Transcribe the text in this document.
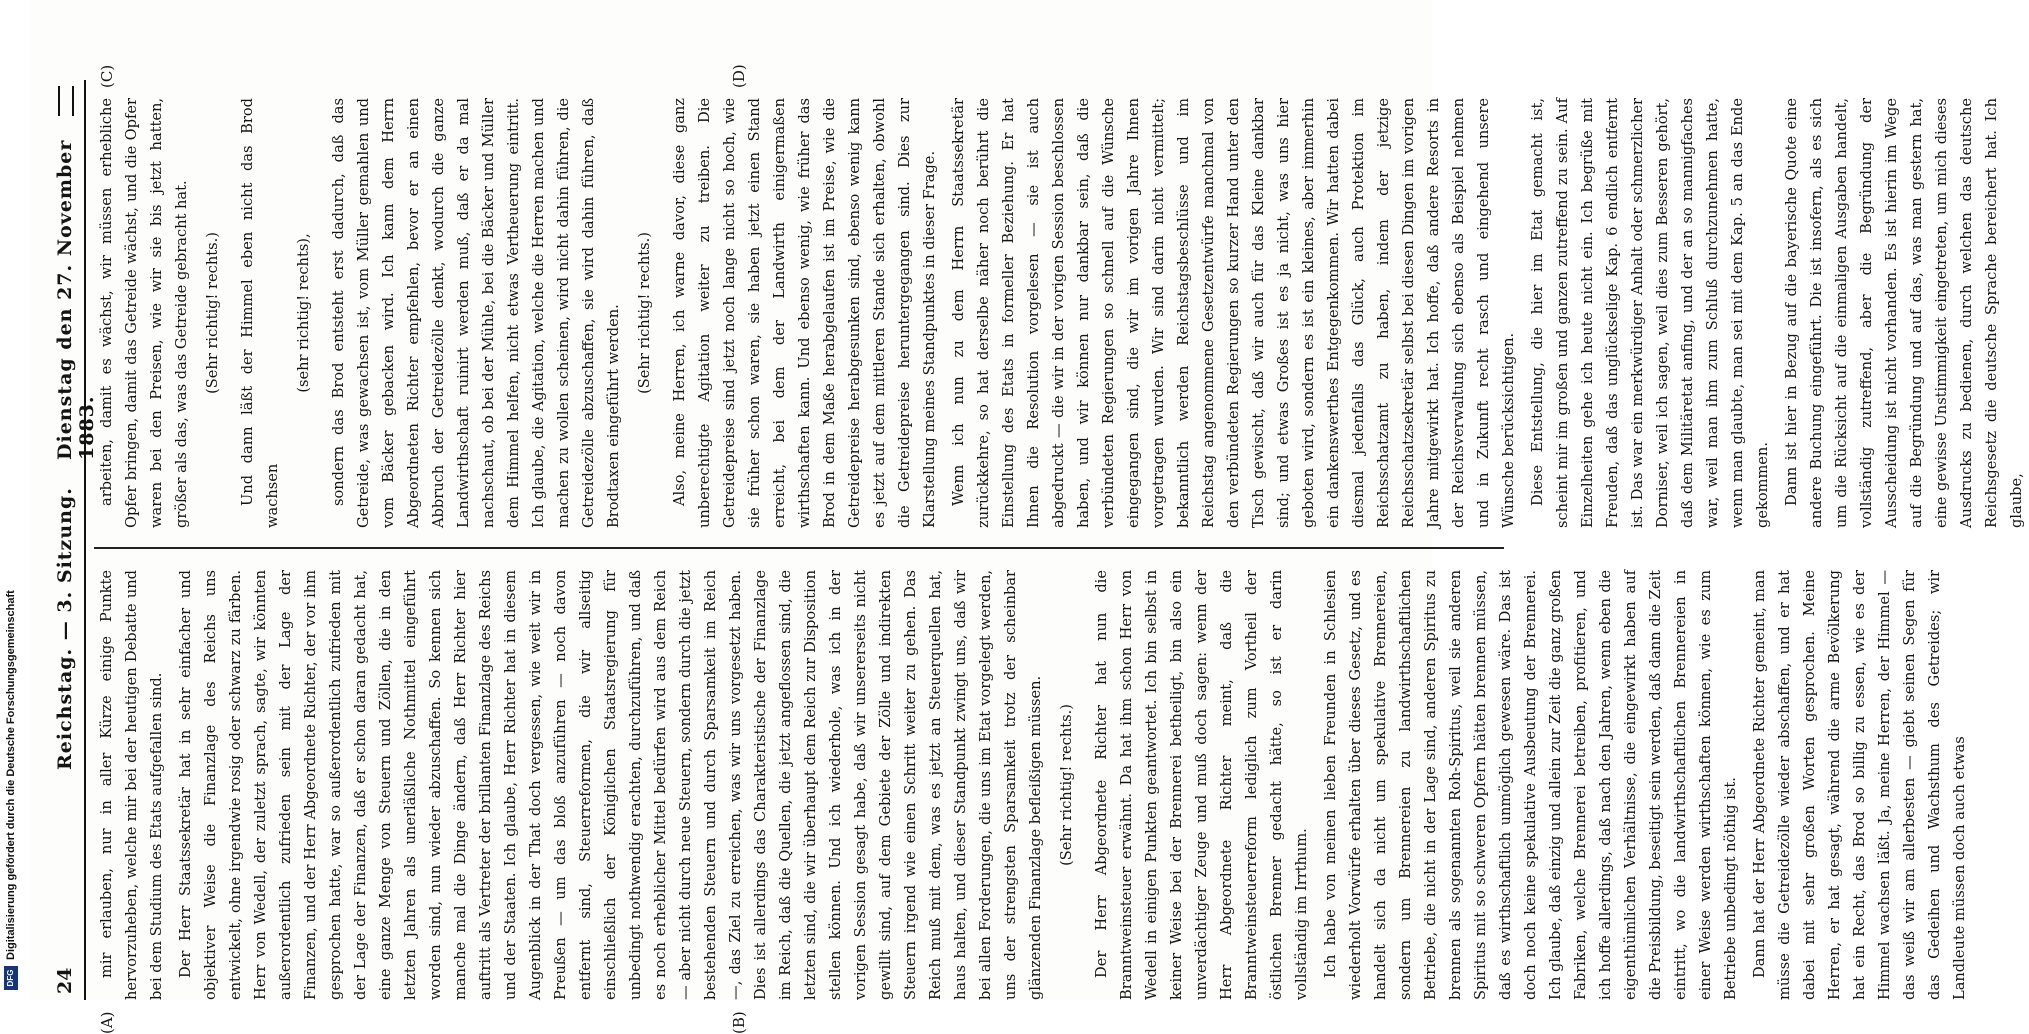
24
Reichstag. — 3. Sitzung.
Dienstag den 27. November 1883.
(A)	(B)
(C)	(D)

mir erlauben, nur in aller Kürze einige Punkte hervorzuheben, welche mir bei der heutigen Debatte und bei dem Studium des Etats aufgefallen sind. Der Herr Staatssekretär hat in sehr einfacher und objektiver Weise die Finanzlage des Reichs uns entwickelt, ohne irgendwie rosig oder schwarz zu färben. Herr von Wedell, der zuletzt sprach, sagte, wir könnten außerordentlich zufrieden sein mit der Lage der Finanzen, und der Herr Abgeordnete Richter, der vor ihm gesprochen hatte, war so außerordentlich zufrieden mit der Lage der Finanzen, daß er schon daran gedacht hat, eine ganze Menge von Steuern und Zöllen, die in den letzten Jahren als unerläßliche Nothmittel eingeführt worden sind, nun wieder abzuschaffen. So kennen sich manche mal die Dinge ändern, daß Herr Richter hier auftritt als Vertreter der brillanten Finanzlage des Reichs und der Staaten. Ich glaube, Herr Richter hat in diesem Augenblick in der That doch vergessen, wie weit wir in Preußen — um das bloß anzuführen — noch davon entfernt sind, Steuerreformen, die wir allseitig einschließlich der Königlichen Staatsregierung für unbedingt nothwendig erachten, durchzuführen, und daß es noch erheblicher Mittel bedürfen wird aus dem Reich — aber nicht durch neue Steuern, sondern durch die jetzt bestehenden Steuern und durch Sparsamkeit im Reich —, das Ziel zu erreichen, was wir uns vorgesetzt haben. Dies ist allerdings das Charakteristische der Finanzlage im Reich, daß die Quellen, die jetzt angeflossen sind, die letzten sind, die wir überhaupt dem Reich zur Disposition stellen können. Und ich wiederhole, was ich in der vorigen Session gesagt habe, daß wir unsererseits nicht gewillt sind, auf dem Gebiete der Zölle und indirekten Steuern irgend wie einen Schritt weiter zu gehen. Das Reich muß mit dem, was es jetzt an Steuerquellen hat, haus halten, und dieser Standpunkt zwingt uns, daß wir bei allen Forderungen, die uns im Etat vorgelegt werden, uns der strengsten Sparsamkeit trotz der scheinbar glänzenden Finanzlage befleißigen müssen. (Sehr richtig! rechts.) Der Herr Abgeordnete Richter hat nun die Branntweinsteuer erwähnt. Da hat ihm schon Herr von Wedell in einigen Punkten geantwortet. Ich bin selbst in keiner Weise bei der Brennerei betheiligt, bin also ein unverdächtiger Zeuge und muß doch sagen: wenn der Herr Abgeordnete Richter meint, daß die Branntweinsteuerreform lediglich zum Vortheil der östlichen Brenner gedacht hätte, so ist er darin vollständig im Irrthum. Ich habe von meinen lieben Freunden in Schlesien wiederholt Vorwürfe erhalten über dieses Gesetz, und es handelt sich da nicht um spekulative Brennereien, sondern um Brennereien zu landwirthschaftlichen Betriebe, die nicht in der Lage sind, anderen Spiritus zu brennen als sogenannten Roh-Spiritus, weil sie anderen Spiritus mit so schweren Opfern hätten brennen müssen, daß es wirthschaftlich unmöglich gewesen wäre. Das ist doch noch keine spekulative Ausbeutung der Brennerei. Ich glaube, daß einzig und allein zur Zeit die ganz großen Fabriken, welche Brennerei betreiben, profitieren, und ich hoffe allerdings, daß nach den Jahren, wenn eben die eigenthümlichen Verhältnisse, die eingewirkt haben auf die Preisbildung, beseitigt sein werden, daß dann die Zeit eintritt, wo die landwirthschaftlichen Brennereien in einer Weise werden wirthschaften können, wie es zum Betriebe unbedingt nöthig ist. Dann hat der Herr Abgeordnete Richter gemeint, man müsse die Getreidezölle wieder abschaffen, und er hat dabei mit sehr großen Worten gesprochen. Meine Herren, er hat gesagt, während die arme Bevölkerung hat ein Recht, das Brod so billig zu essen, wie es der Himmel wachsen läßt. Ja, meine Herren, der Himmel — das weiß wir am allerbesten — giebt seinen Segen für das Gedeihen und Wachsthum des Getreides; wir Landleute müssen doch auch etwas

arbeiten, damit es wächst, wir müssen erhebliche Opfer bringen, damit das Getreide wächst, und die Opfer waren bei den Preisen, wie wir sie bis jetzt hatten, größer als das, was das Getreide gebracht hat. (Sehr richtig! rechts.) Und dann läßt der Himmel eben nicht das Brod wachsen

(sehr richtig! rechts), sondern das Brod entsteht erst dadurch, daß das Getreide, was gewachsen ist, vom Müller gemahlen und vom Bäcker gebacken wird. Ich kann dem Herrn Abgeordneten Richter empfehlen, bevor er an einen Abbruch der Getreidezölle denkt, wodurch die ganze Landwirthschaft ruinirt werden muß, daß er da mal nachschaut, ob bei der Mühle, bei die Bäcker und Müller dem Himmel helfen, nicht etwas Vertheuerung eintritt. Ich glaube, die Agitation, welche die Herren machen und machen zu wollen scheinen, wird nicht dahin führen, die Getreidezölle abzuschaffen, sie wird dahin führen, daß Brodtaxen eingeführt werden. (Sehr richtig! rechts.) Also, meine Herren, ich warne davor, diese ganz unberechtigte Agitation weiter zu treiben. Die Getreidepreise sind jetzt noch lange nicht so hoch, wie sie früher schon waren, sie haben jetzt einen Stand erreicht, bei dem der Landwirth einigermaßen wirthschaften kann. Und ebenso wenig, wie früher das Brod in dem Maße herabgelaufen ist im Preise, wie die Getreidepreise herabgesunken sind, ebenso wenig kann es jetzt auf dem mittleren Stande sich erhalten, obwohl die Getreidepreise heruntergegangen sind. Dies zur Klarstellung meines Standpunktes in dieser Frage. Wenn ich nun zu dem Herrn Staatssekretär zurückkehre, so hat derselbe näher noch berührt die Einstellung des Etats in formeller Beziehung. Er hat Ihnen die Resolution vorgelesen — sie ist auch abgedruckt — die wir in der vorigen Session beschlossen haben, und wir können nur dankbar sein, daß die verbündeten Regierungen so schnell auf die Wünsche eingegangen sind, die wir im vorigen Jahre Ihnen vorgetragen wurden. Wir sind darin nicht vermittelt; bekanntlich werden Reichstagsbeschlüsse und im Reichstag angenommene Gesetzentwürfe manchmal von den verbündeten Regierungen so kurzer Hand unter den Tisch gewischt, daß wir auch für das Kleine dankbar sind; und etwas Großes ist es ja nicht, was uns hier geboten wird, sondern es ist ein kleines, aber immerhin ein dankenswerthes Entgegenkommen. Wir hatten dabei diesmal jedenfalls das Glück, auch Protektion im Reichsschatzamt zu haben, indem der jetzige Reichsschatzsekretär selbst bei diesen Dingen im vorigen Jahre mitgewirkt hat. Ich hoffe, daß andere Resorts in der Reichsverwaltung sich ebenso als Beispiel nehmen und in Zukunft recht rasch und eingehend unsere Wünsche berücksichtigen. Diese Entstellung, die hier im Etat gemacht ist, scheint mir im großen und ganzen zutreffend zu sein. Auf Einzelheiten gehe ich heute nicht ein. Ich begrüße mit Freuden, daß das unglückselige Kap. 6 endlich entfernt ist. Das war ein merkwürdiger Anhalt oder schmerzlicher Dorniser, weil ich sagen, weil dies zum Besseren gehört, daß dem Militäretat anfing, und der an so mannigfaches war, weil man ihm zum Schluß durchzunehmen hatte, wenn man glaubte, man sei mit dem Kap. 5 an das Ende gekommen. Dann ist hier in Bezug auf die bayerische Quote eine andere Buchung eingeführt. Die ist insofern, als es sich um die Rücksicht auf die einmaligen Ausgaben handelt, vollständig zutreffend, aber die Begründung der Ausscheidung ist nicht vorhanden. Es ist hierin im Wege auf die Begründung und auf das, was man gestern hat, eine gewisse Unstimmigkeit eingetreten, um mich dieses Ausdrucks zu bedienen, durch welchen das deutsche Reichsgesetz die deutsche Sprache bereichert hat. Ich glaube,

DFGDigitalisierung gefördert durch die Deutsche Forschungsgemeinschaft
